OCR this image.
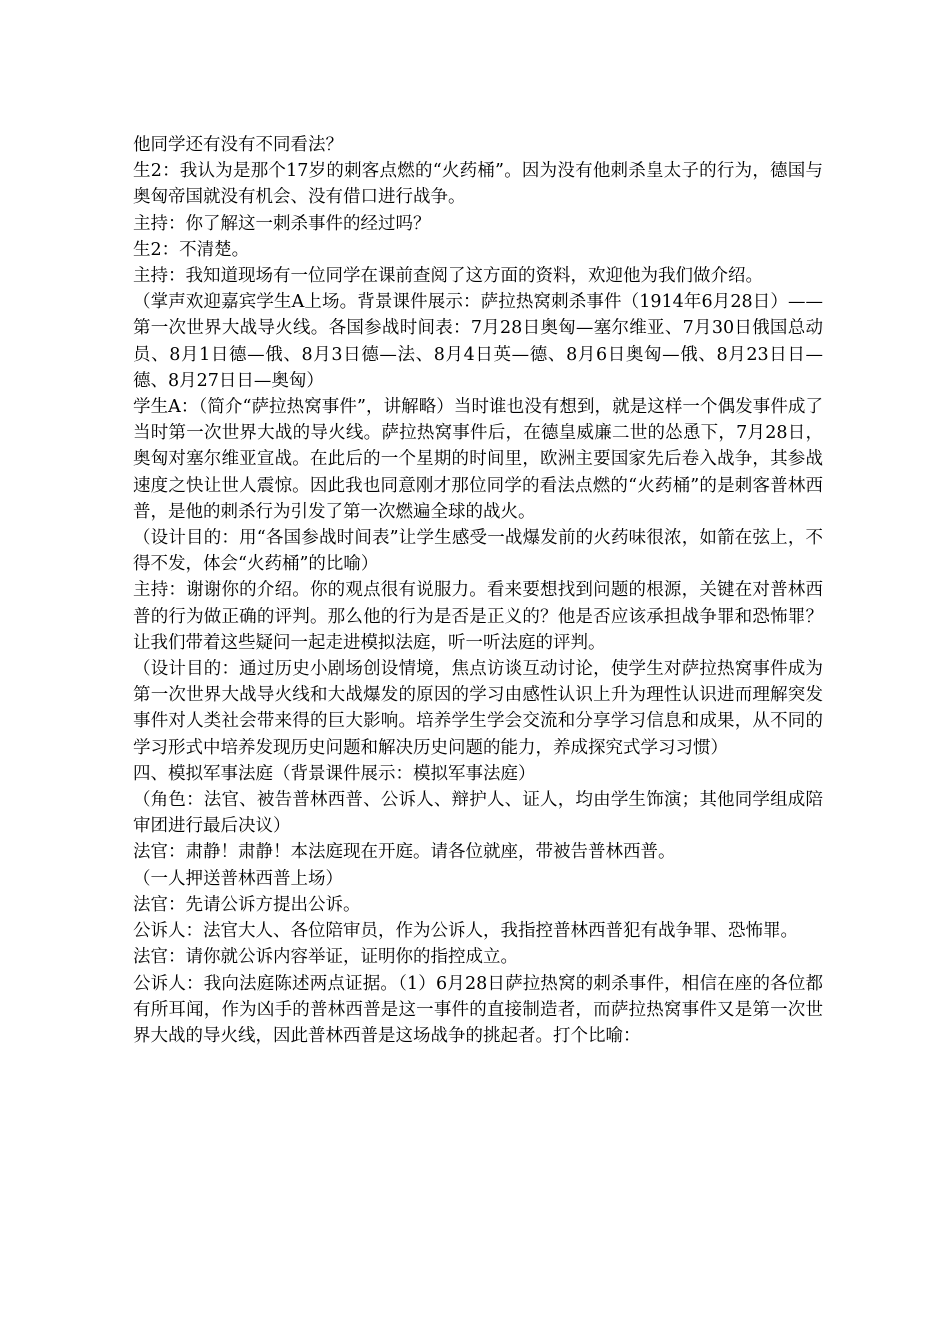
他同学还有没有不同看法？

生2：我认为是那个17岁的刺客点燃的“火药桶”。因为没有他刺杀皇太子的行为，德国与奥匈帝国就没有机会、没有借口进行战争。

主持：你了解这一刺杀事件的经过吗？

生2：不清楚。

主持：我知道现场有一位同学在课前查阅了这方面的资料，欢迎他为我们做介绍。

（掌声欢迎嘉宾学生A上场。背景课件展示：萨拉热窝刺杀事件（1914年6月28日）——第一次世界大战导火线。各国参战时间表：7月28日奥匈—塞尔维亚、7月30日俄国总动员、8月1日德—俄、8月3日德—法、8月4日英—德、8月6日奥匈—俄、8月23日日—德、8月27日日—奥匈）

学生A：（简介“萨拉热窝事件”，讲解略）当时谁也没有想到，就是这样一个偶发事件成了当时第一次世界大战的导火线。萨拉热窝事件后，在德皇威廉二世的怂恿下，7月28日，奥匈对塞尔维亚宣战。在此后的一个星期的时间里，欧洲主要国家先后卷入战争，其参战速度之快让世人震惊。因此我也同意刚才那位同学的看法点燃的“火药桶”的是刺客普林西普，是他的刺杀行为引发了第一次燃遍全球的战火。

（设计目的：用“各国参战时间表”让学生感受一战爆发前的火药味很浓，如箭在弦上，不得不发，体会“火药桶”的比喻）

主持：谢谢你的介绍。你的观点很有说服力。看来要想找到问题的根源，关键在对普林西普的行为做正确的评判。那么他的行为是否是正义的？他是否应该承担战争罪和恐怖罪？让我们带着这些疑问一起走进模拟法庭，听一听法庭的评判。

（设计目的：通过历史小剧场创设情境，焦点访谈互动讨论，使学生对萨拉热窝事件成为第一次世界大战导火线和大战爆发的原因的学习由感性认识上升为理性认识进而理解突发事件对人类社会带来得的巨大影响。培养学生学会交流和分享学习信息和成果，从不同的学习形式中培养发现历史问题和解决历史问题的能力，养成探究式学习习惯）

四、模拟军事法庭（背景课件展示：模拟军事法庭）

（角色：法官、被告普林西普、公诉人、辩护人、证人，均由学生饰演；其他同学组成陪审团进行最后决议）

法官：肃静！肃静！本法庭现在开庭。请各位就座，带被告普林西普。

（一人押送普林西普上场）

法官：先请公诉方提出公诉。

公诉人：法官大人、各位陪审员，作为公诉人，我指控普林西普犯有战争罪、恐怖罪。

法官：请你就公诉内容举证，证明你的指控成立。

公诉人：我向法庭陈述两点证据。（1）6月28日萨拉热窝的刺杀事件，相信在座的各位都有所耳闻，作为凶手的普林西普是这一事件的直接制造者，而萨拉热窝事件又是第一次世界大战的导火线，因此普林西普是这场战争的挑起者。打个比喻：
